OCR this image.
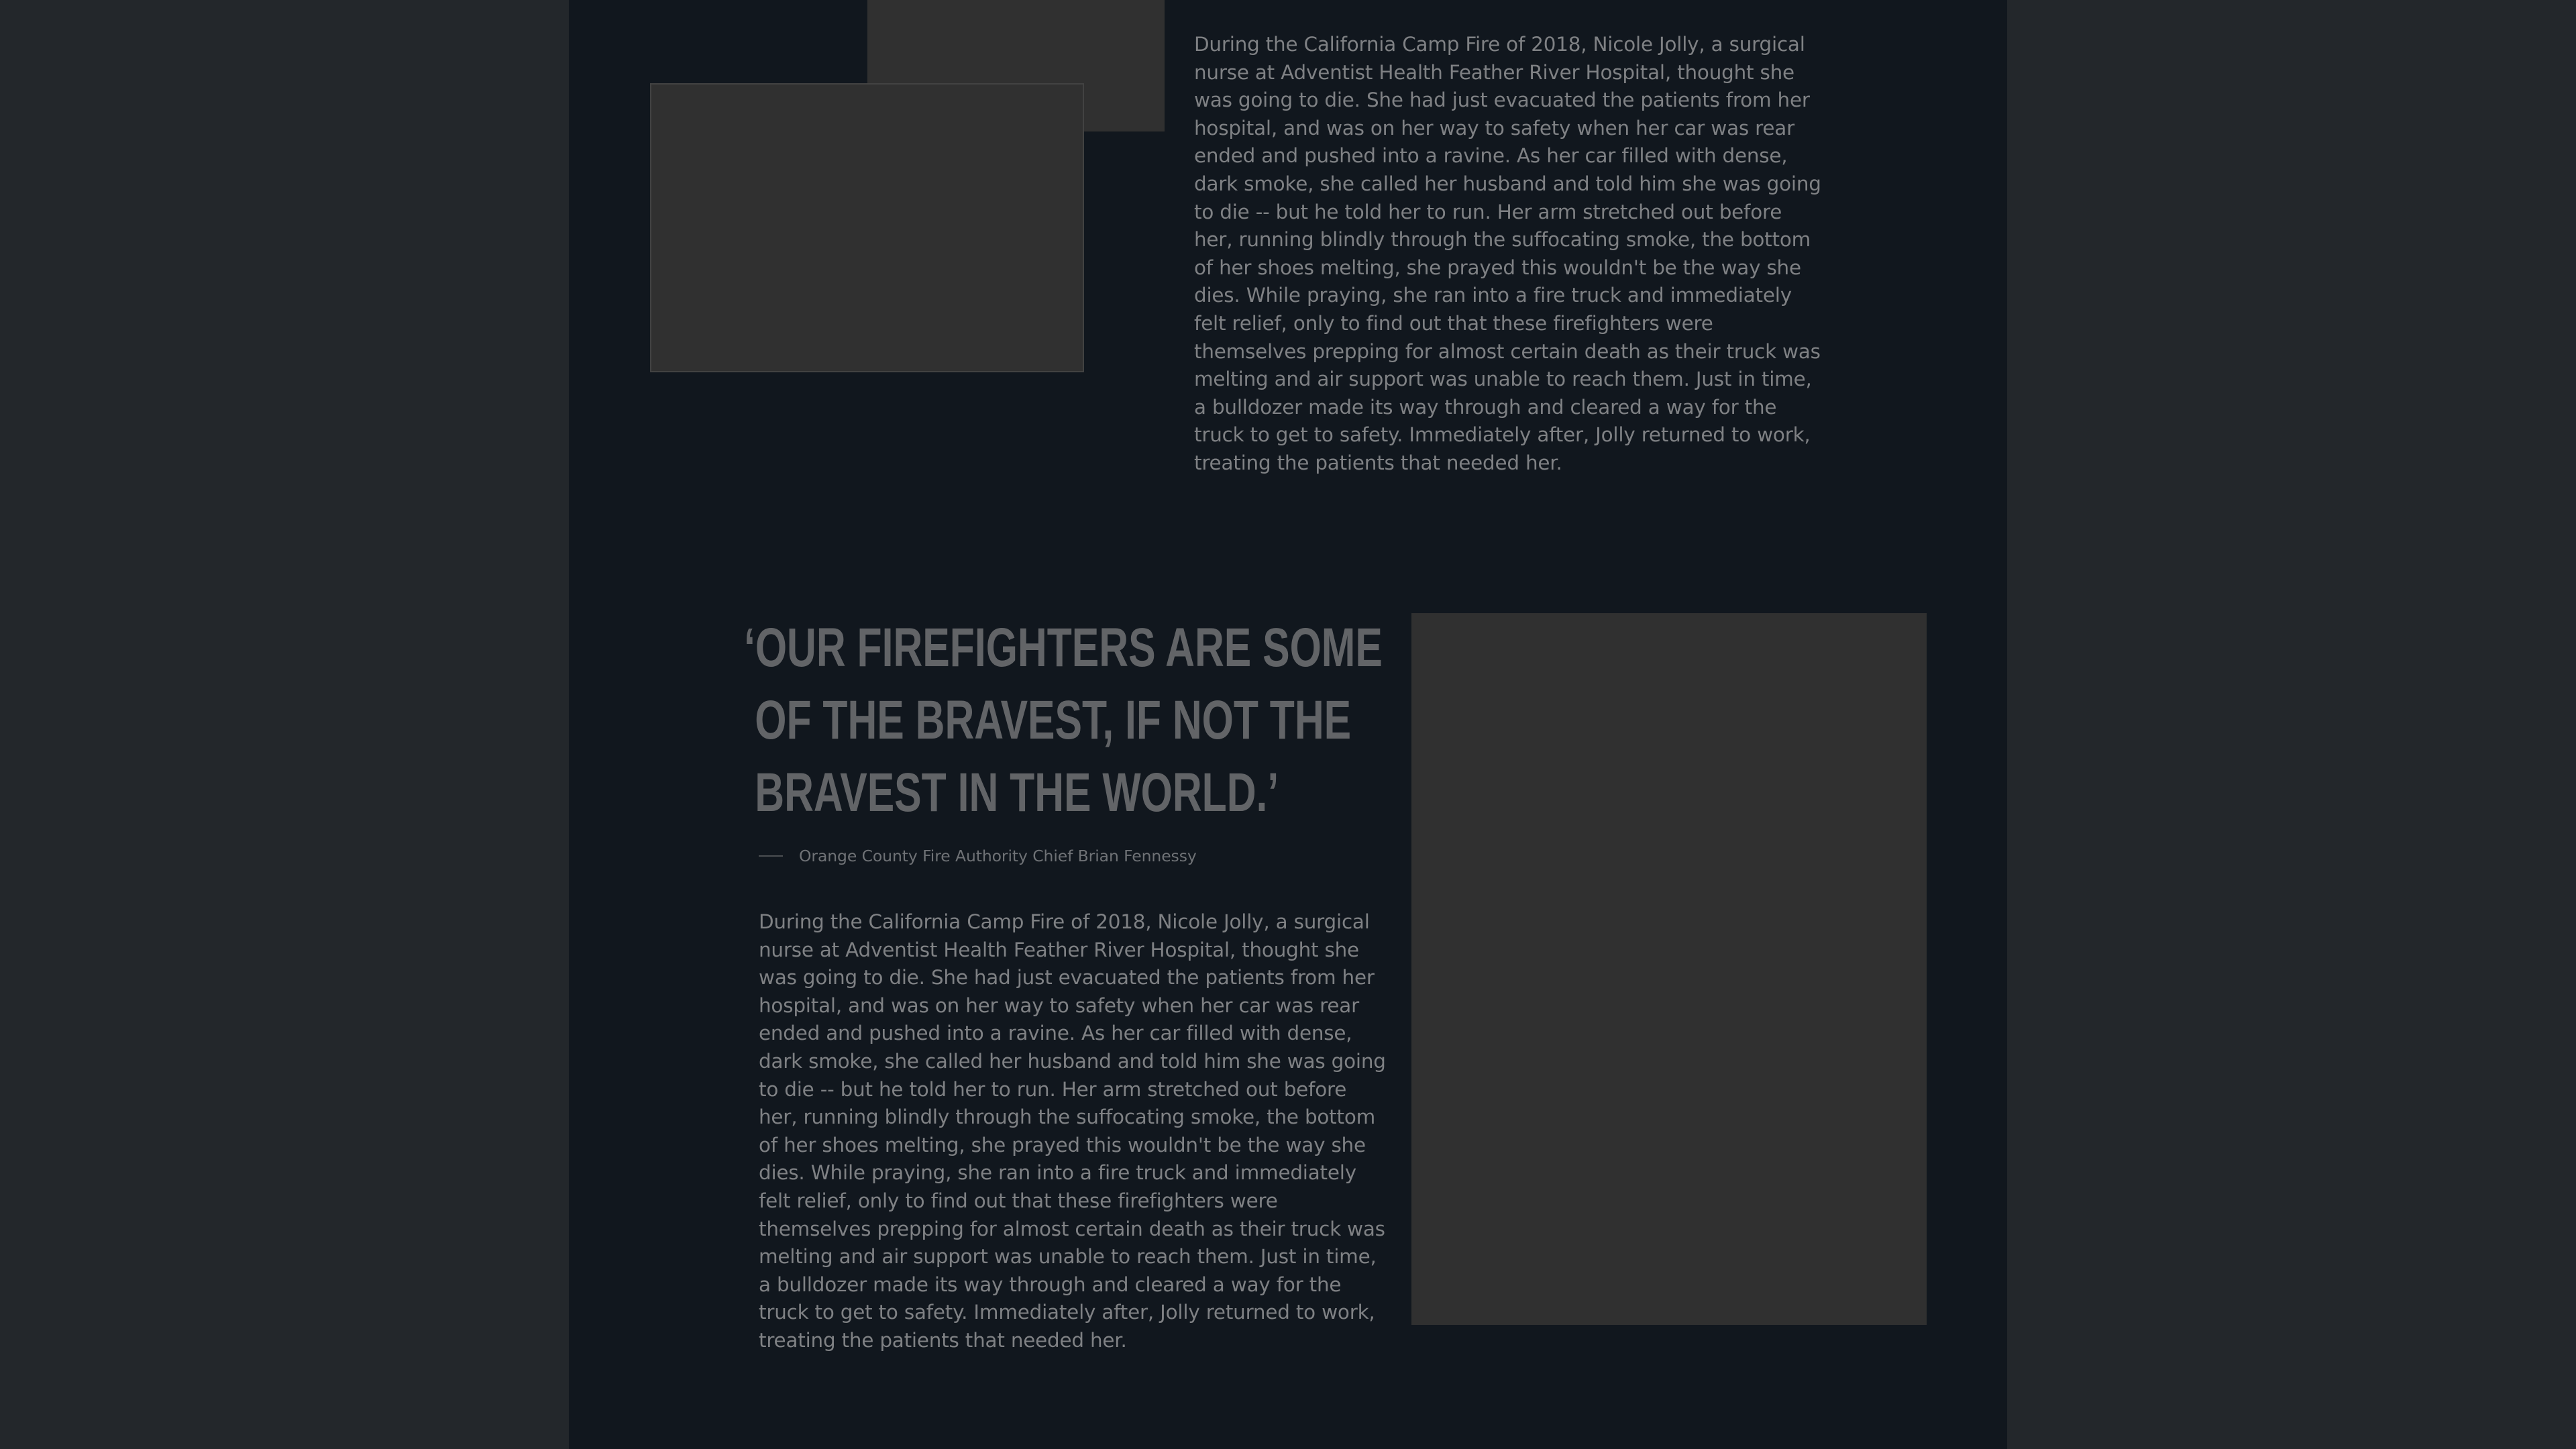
During the California Camp Fire of 2018, Nicole Jolly, a surgical nurse at Adventist Health Feather River Hospital, thought she was going to die. She had just evacuated the patients from her hospital, and was on her way to safety when her car was rear ended and pushed into a ravine. As her car filled with dense, dark smoke, she called her husband and told him she was going to die -- but he told her to run. Her arm stretched out before her, running blindly through the suffocating smoke, the bottom of her shoes melting, she prayed this wouldn't be the way she dies. While praying, she ran into a fire truck and immediately felt relief, only to find out that these firefighters were themselves prepping for almost certain death as their truck was melting and air support was unable to reach them. Just in time, a bulldozer made its way through and cleared a way for the truck to get to safety. Immediately after, Jolly returned to work, treating the patients that needed her.

‘OUR FIREFIGHTERS ARE SOME
OF THE BRAVEST, IF NOT THE
BRAVEST IN THE WORLD.’
Orange County Fire Authority Chief Brian Fennessy

During the California Camp Fire of 2018, Nicole Jolly, a surgical nurse at Adventist Health Feather River Hospital, thought she was going to die. She had just evacuated the patients from her hospital, and was on her way to safety when her car was rear ended and pushed into a ravine. As her car filled with dense, dark smoke, she called her husband and told him she was going to die -- but he told her to run. Her arm stretched out before her, running blindly through the suffocating smoke, the bottom of her shoes melting, she prayed this wouldn't be the way she dies. While praying, she ran into a fire truck and immediately felt relief, only to find out that these firefighters were themselves prepping for almost certain death as their truck was melting and air support was unable to reach them. Just in time, a bulldozer made its way through and cleared a way for the truck to get to safety. Immediately after, Jolly returned to work, treating the patients that needed her.
